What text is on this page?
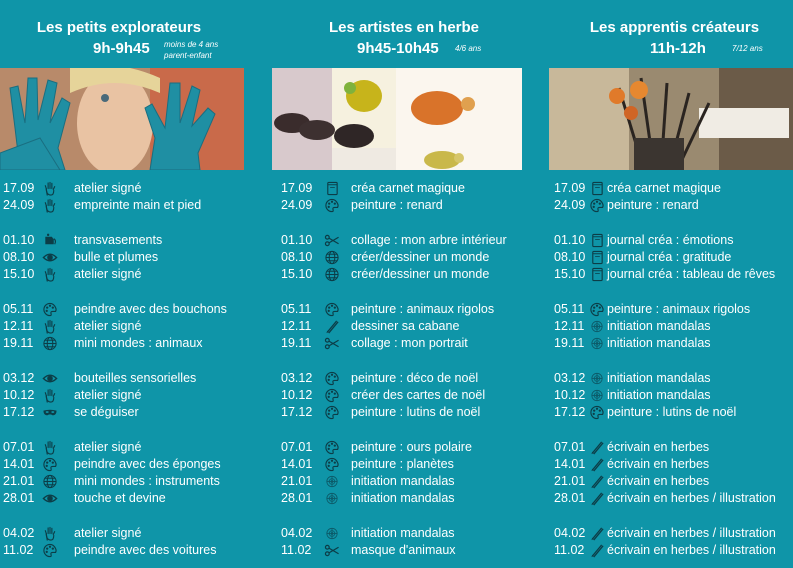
Les petits explorateurs
9h-9h45 moins de 4 ans
parent-enfant
17.09	atelier signé
24.09	empreinte main et pied
01.10	transvasements
08.10	bulle et plumes
15.10	atelier signé
05.11	peindre avec des bouchons
12.11	atelier signé
19.11	mini mondes : animaux
03.12	bouteilles sensorielles
10.12	atelier signé
17.12	se déguiser
07.01	atelier signé
14.01	peindre avec des éponges
21.01	mini mondes : instruments
28.01	touche et devine
04.02	atelier signé
11.02	peindre avec des voitures
Les artistes en herbe
9h45-10h45 4/6 ans
17.09	créa carnet magique
24.09	peinture : renard
01.10	collage : mon arbre intérieur
08.10	créer/dessiner un monde
15.10	créer/dessiner un monde
05.11	peinture : animaux rigolos
12.11	dessiner sa cabane
19.11	collage : mon portrait
03.12	peinture : déco de noël
10.12	créer des cartes de noël
17.12	peinture : lutins de noël
07.01	peinture : ours polaire
14.01	peinture : planètes
21.01	initiation mandalas
28.01	initiation mandalas
04.02	initiation mandalas
11.02	masque d'animaux
Les apprentis créateurs
11h-12h	7/12 ans
17.09 créa carnet magique
24.09 peinture : renard
01.10 journal créa : émotions
08.10 journal créa : gratitude
15.10 journal créa : tableau de rêves
05.11 peinture : animaux rigolos
12.11 initiation mandalas
19.11 initiation mandalas
03.12 initiation mandalas
10.12 initiation mandalas
17.12 peinture : lutins de noël
07.01 écrivain en herbes
14.01 écrivain en herbes
21.01 écrivain en herbes
28.01 écrivain en herbes / illustration
04.02 écrivain en herbes / illustration
11.02 écrivain en herbes / illustration
